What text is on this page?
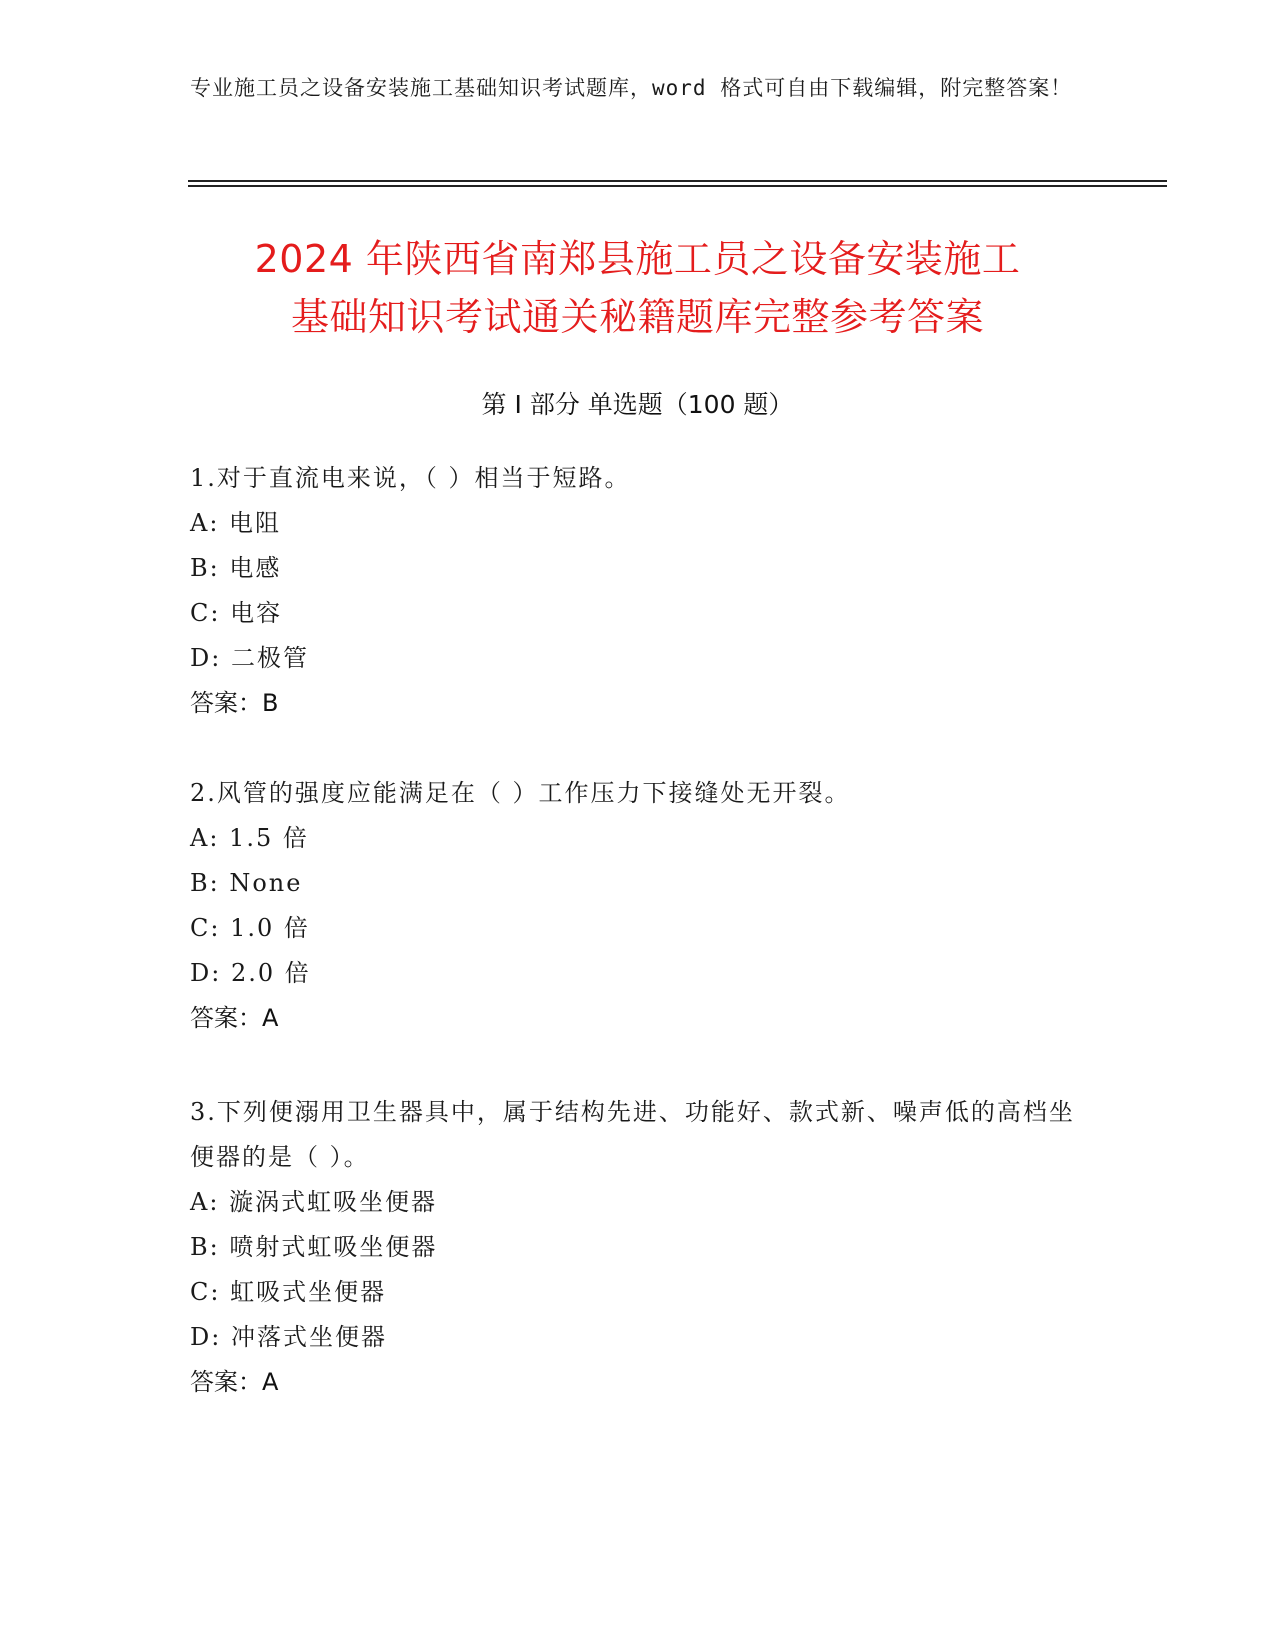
专业施工员之设备安装施工基础知识考试题库，word 格式可自由下载编辑，附完整答案！
2024 年陕西省南郑县施工员之设备安装施工
基础知识考试通关秘籍题库完整参考答案
第 I 部分 单选题（100 题）
1.对于直流电来说，（ ）相当于短路。
A: 电阻
B: 电感
C: 电容
D: 二极管
答案：B
2.风管的强度应能满足在（ ）工作压力下接缝处无开裂。
A: 1.5 倍
B: None
C: 1.0 倍
D: 2.0 倍
答案：A
3.下列便溺用卫生器具中，属于结构先进、功能好、款式新、噪声低的高档坐便器的是（ ）。
A: 漩涡式虹吸坐便器
B: 喷射式虹吸坐便器
C: 虹吸式坐便器
D: 冲落式坐便器
答案：A
